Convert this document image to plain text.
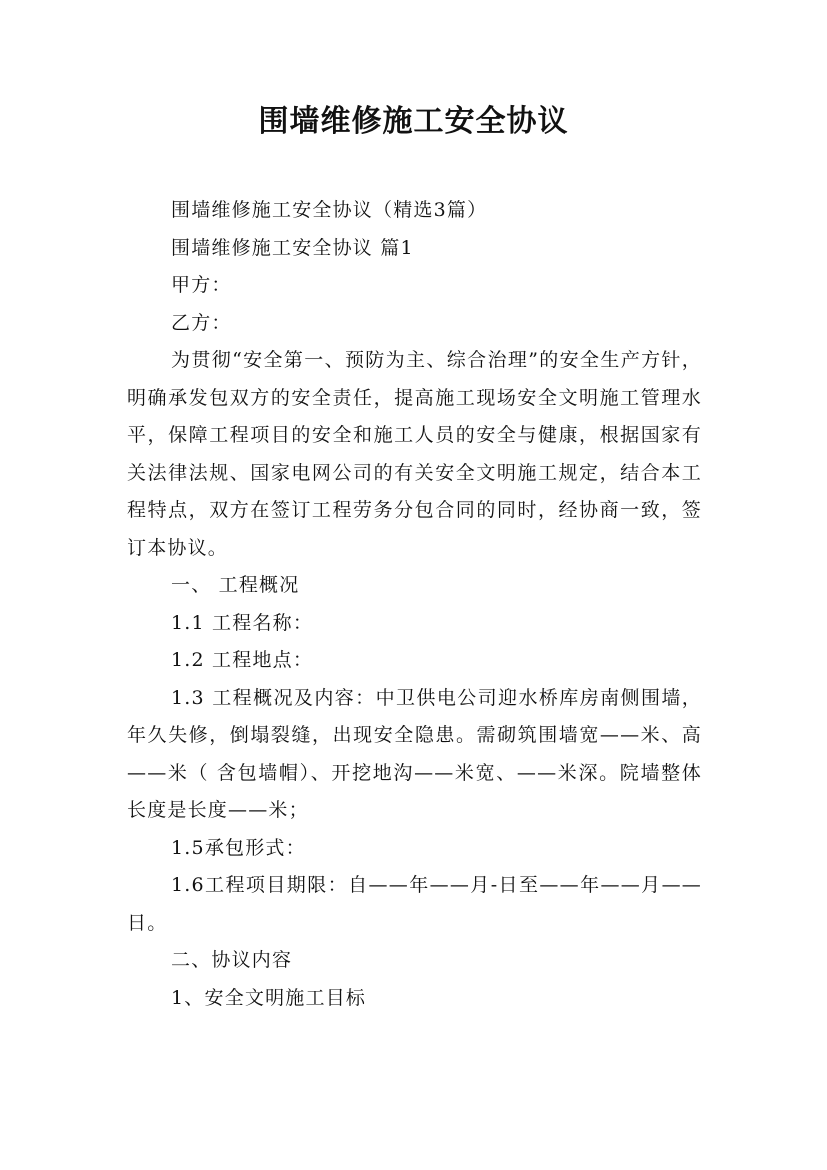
围墙维修施工安全协议

围墙维修施工安全协议（精选3篇）

围墙维修施工安全协议 篇1

甲方：

乙方：

为贯彻“安全第一、预防为主、综合治理”的安全生产方针，明确承发包双方的安全责任，提高施工现场安全文明施工管理水平，保障工程项目的安全和施工人员的安全与健康，根据国家有关法律法规、国家电网公司的有关安全文明施工规定，结合本工程特点，双方在签订工程劳务分包合同的同时，经协商一致，签订本协议。

一、 工程概况

1.1 工程名称：

1.2 工程地点：

1.3 工程概况及内容：中卫供电公司迎水桥库房南侧围墙，年久失修，倒塌裂缝，出现安全隐患。需砌筑围墙宽——米、高——米（ 含包墙帽）、开挖地沟——米宽、——米深。院墙整体长度是长度——米；

1.5承包形式：

1.6工程项目期限：自——年——月-日至——年——月——日。

二、协议内容

1、安全文明施工目标
